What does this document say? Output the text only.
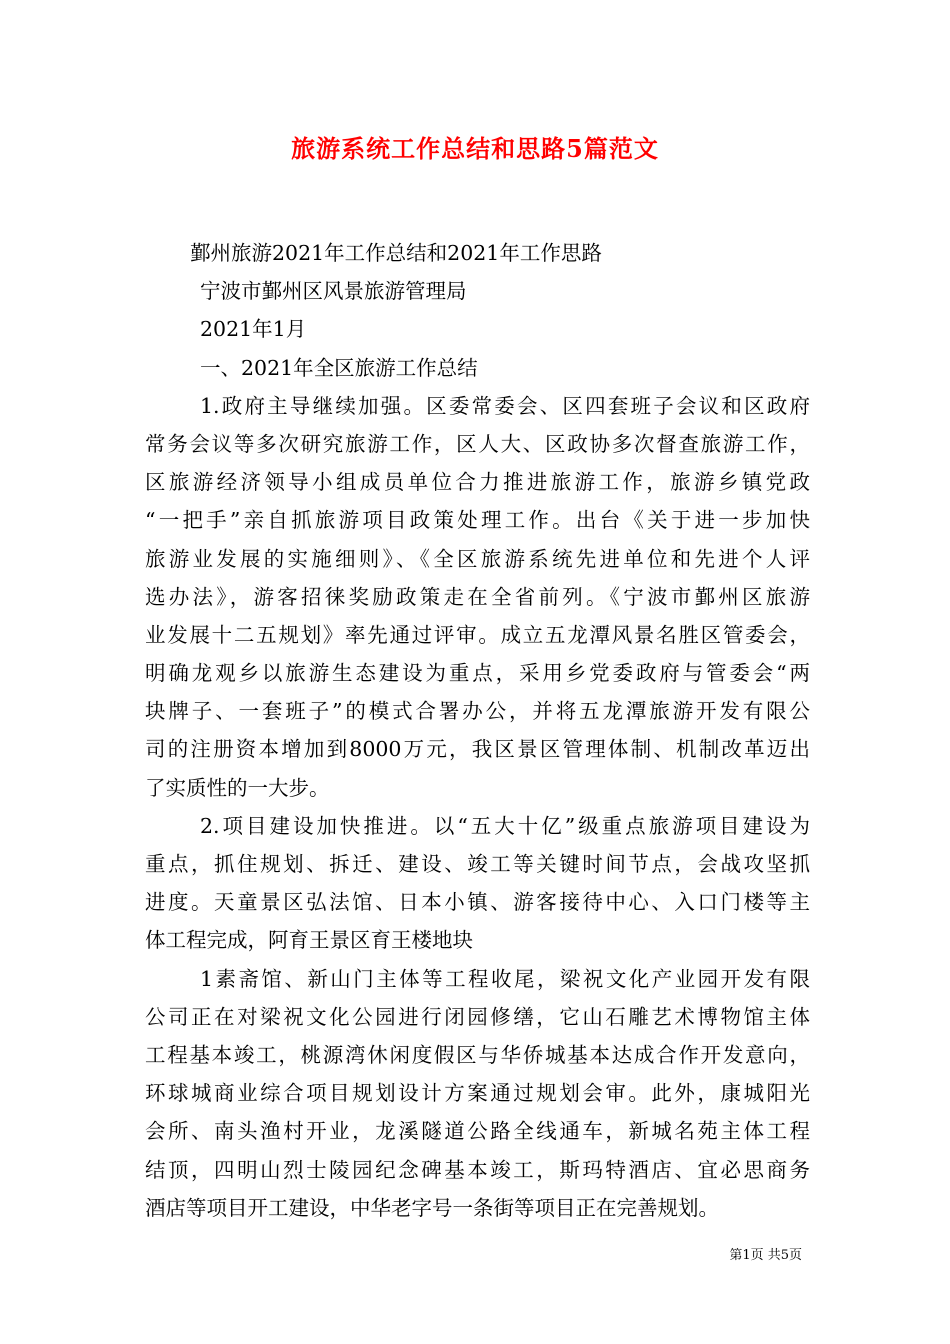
旅游系统工作总结和思路5篇范文
鄞州旅游2021年工作总结和2021年工作思路
宁波市鄞州区风景旅游管理局
2021年1月
一、2021年全区旅游工作总结
1.政府主导继续加强。区委常委会、区四套班子会议和区政府
常务会议等多次研究旅游工作，区人大、区政协多次督查旅游工作，
区旅游经济领导小组成员单位合力推进旅游工作，旅游乡镇党政
“一把手”亲自抓旅游项目政策处理工作。出台《关于进一步加快
旅游业发展的实施细则》、《全区旅游系统先进单位和先进个人评
选办法》，游客招徕奖励政策走在全省前列。《宁波市鄞州区旅游
业发展十二五规划》率先通过评审。成立五龙潭风景名胜区管委会，
明确龙观乡以旅游生态建设为重点，采用乡党委政府与管委会“两
块牌子、一套班子”的模式合署办公，并将五龙潭旅游开发有限公
司的注册资本增加到8000万元，我区景区管理体制、机制改革迈出
了实质性的一大步。
2.项目建设加快推进。以“五大十亿”级重点旅游项目建设为
重点，抓住规划、拆迁、建设、竣工等关键时间节点，会战攻坚抓
进度。天童景区弘法馆、日本小镇、游客接待中心、入口门楼等主
体工程完成，阿育王景区育王楼地块
1素斋馆、新山门主体等工程收尾，梁祝文化产业园开发有限
公司正在对梁祝文化公园进行闭园修缮，它山石雕艺术博物馆主体
工程基本竣工，桃源湾休闲度假区与华侨城基本达成合作开发意向，
环球城商业综合项目规划设计方案通过规划会审。此外，康城阳光
会所、南头渔村开业，龙溪隧道公路全线通车，新城名苑主体工程
结顶，四明山烈士陵园纪念碑基本竣工，斯玛特酒店、宜必思商务
酒店等项目开工建设，中华老字号一条街等项目正在完善规划。
第1页 共5页
